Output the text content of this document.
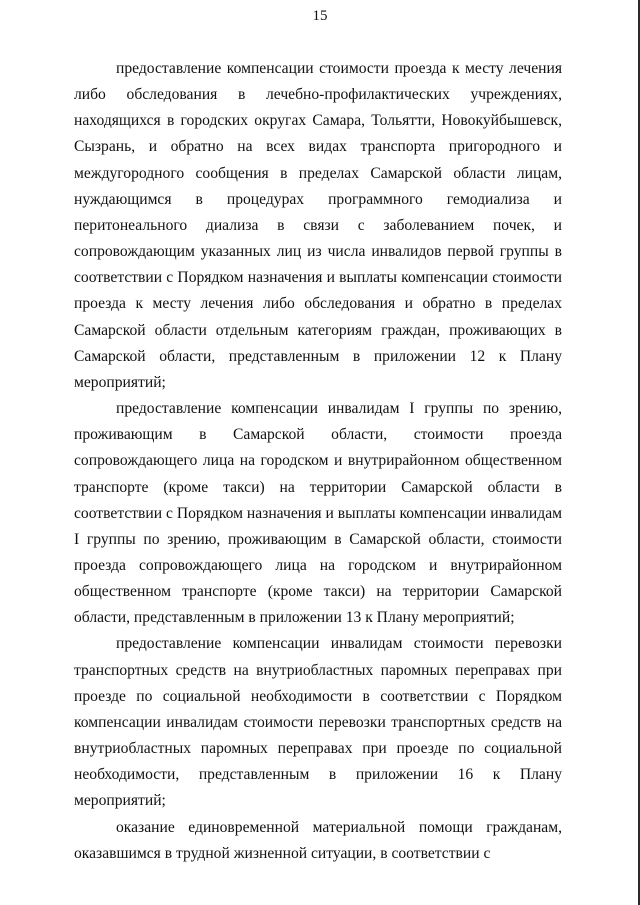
15

предоставление компенсации стоимости проезда к месту лечения либо обследования в лечебно-профилактических учреждениях, находящихся в городских округах Самара, Тольятти, Новокуйбышевск, Сызрань, и обратно на всех видах транспорта пригородного и междугородного сообщения в пределах Самарской области лицам, нуждающимся в процедурах программного гемодиализа и перитонеального диализа в связи с заболеванием почек, и сопровождающим указанных лиц из числа инвалидов первой группы в соответствии с Порядком назначения и выплаты компенсации стоимости проезда к месту лечения либо обследования и обратно в пределах Самарской области отдельным категориям граждан, проживающих в Самарской области, представленным в приложении 12 к Плану мероприятий;

предоставление компенсации инвалидам I группы по зрению, проживающим в Самарской области, стоимости проезда сопровождающего лица на городском и внутрирайонном общественном транспорте (кроме такси) на территории Самарской области в соответствии с Порядком назначения и выплаты компенсации инвалидам I группы по зрению, проживающим в Самарской области, стоимости проезда сопровождающего лица на городском и внутрирайонном общественном транспорте (кроме такси) на территории Самарской области, представленным в приложении 13 к Плану мероприятий;

предоставление компенсации инвалидам стоимости перевозки транспортных средств на внутриобластных паромных переправах при проезде по социальной необходимости в соответствии с Порядком компенсации инвалидам стоимости перевозки транспортных средств на внутриобластных паромных переправах при проезде по социальной необходимости, представленным в приложении 16 к Плану мероприятий;

оказание единовременной материальной помощи гражданам, оказавшимся в трудной жизненной ситуации, в соответствии с
